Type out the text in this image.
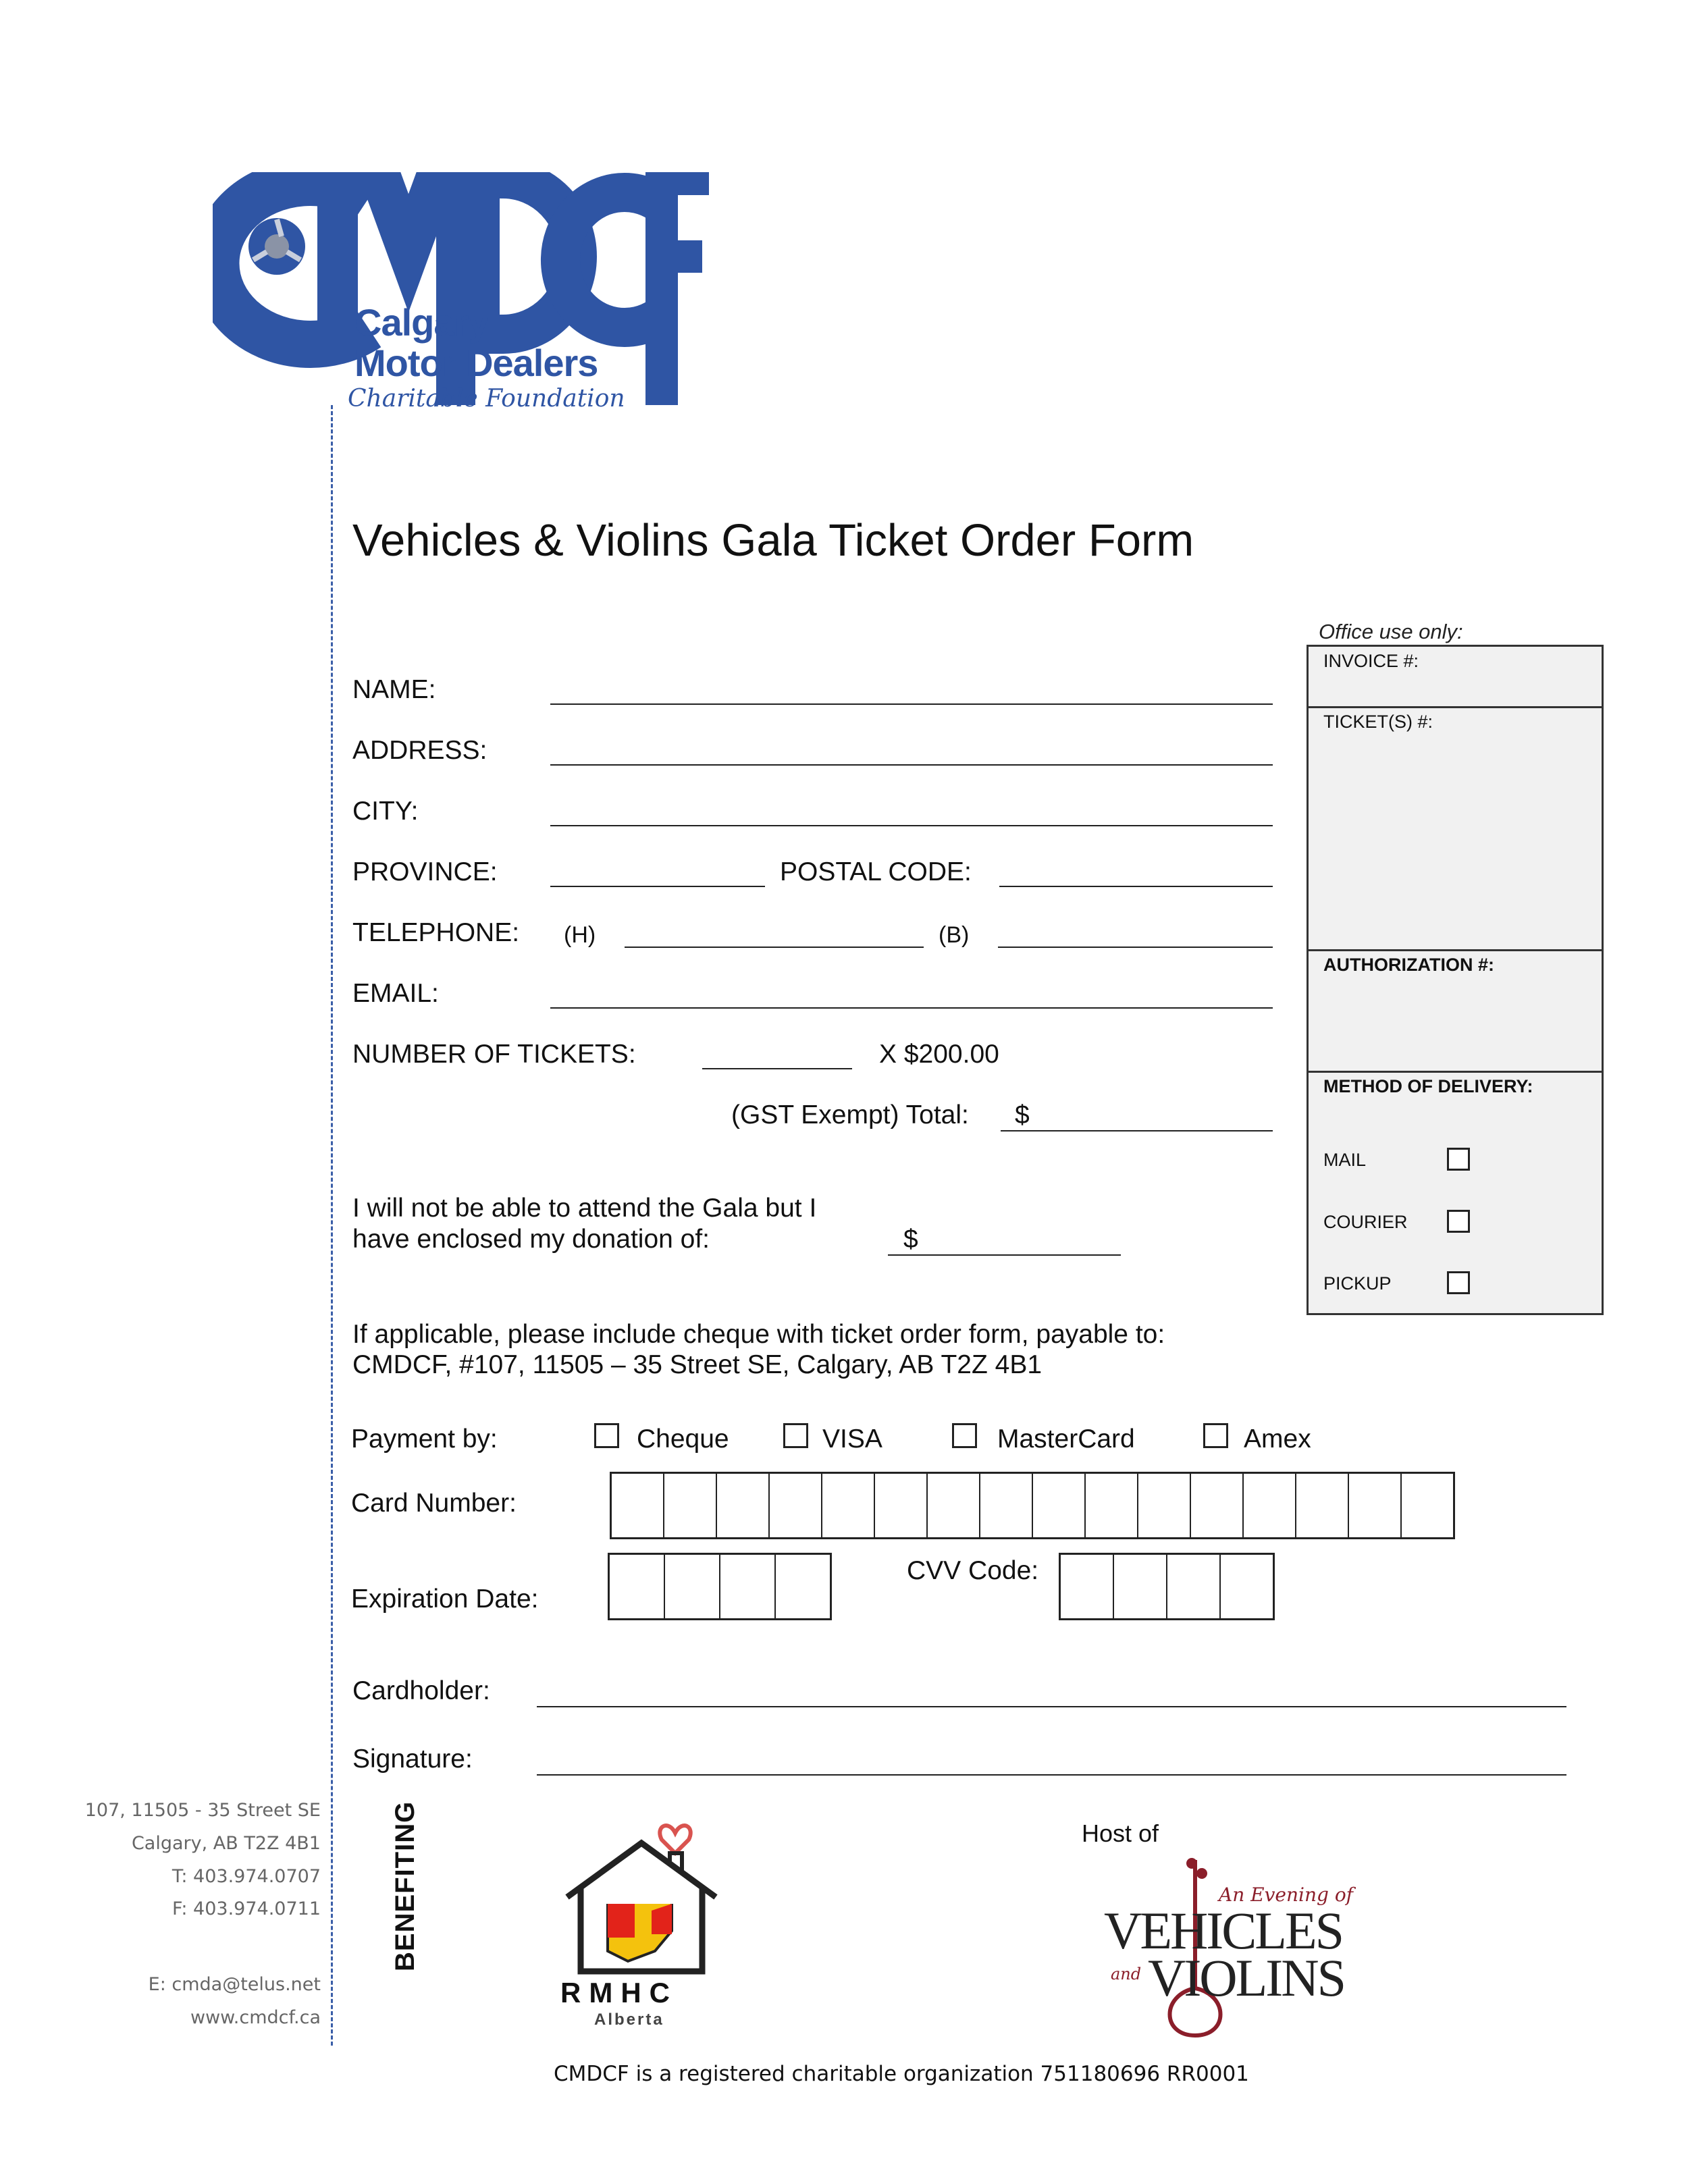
Calgary
Motor Dealers
Charitable Foundation
Vehicles & Violins Gala Ticket Order Form
Office use only:
INVOICE #:
TICKET(S) #:
AUTHORIZATION #:
METHOD OF DELIVERY:
MAIL
COURIER
PICKUP
NAME:
ADDRESS:
CITY:
PROVINCE:	POSTAL CODE:
TELEPHONE: (H)	(B)
EMAIL:
NUMBER OF TICKETS:	X $200.00
(GST Exempt) Total: $
I will not be able to attend the Gala but I
have enclosed my donation of:	$
If applicable, please include cheque with ticket order form, payable to:
CMDCF, #107, 11505 – 35 Street SE, Calgary, AB T2Z 4B1
Payment by:	Cheque	VISA	MasterCard	Amex
Card Number:
Expiration Date:
CVV Code:
Cardholder:
Signature:
107, 11505 - 35 Street SE
Calgary, AB T2Z 4B1
T: 403.974.0707
F: 403.974.0711
E: cmda@telus.net
www.cmdcf.ca
BENEFITING
RMHC
Alberta
Host of
An Evening of
VEHICLES
and VIOLINS
CMDCF is a registered charitable organization 751180696 RR0001
